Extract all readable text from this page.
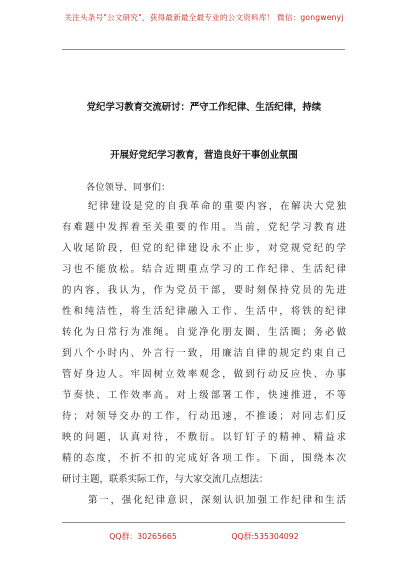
关注头条号"公文研究"，获得最新最全最专业的公文资料库！ 微信：gongwenyj
党纪学习教育交流研讨：严守工作纪律、生活纪律，持续
开展好党纪学习教育，营造良好干事创业氛围
各位领导、同事们：
纪律建设是党的自我革命的重要内容，在解决大党独
有难题中发挥着至关重要的作用。当前，党纪学习教育进
入收尾阶段，但党的纪律建设永不止步，对党规党纪的学
习也不能放松。结合近期重点学习的工作纪律、生活纪律
的内容，我认为，作为党员干部，要时刻保持党员的先进
性和纯洁性，将生活纪律融入工作、生活中，将铁的纪律
转化为日常行为准绳。自觉净化朋友圈、生活圈；务必做
到八个小时内、外言行一致，用廉洁自律的规定约束自己
管好身边人。牢固树立效率观念，做到行动反应快、办事
节奏快、工作效率高。对上级部署工作，快速推进，不等
待；对领导交办的工作，行动迅速，不推诿；对同志们反
映的问题，认真对待，不敷衍。以钉钉子的精神、精益求
精的态度，不折不扣的完成好各项工作。下面，围绕本次
研讨主题，联系实际工作，与大家交流几点想法：
第一，强化纪律意识，深刻认识加强工作纪律和生活
QQ群：30265665	QQ群:535304092
